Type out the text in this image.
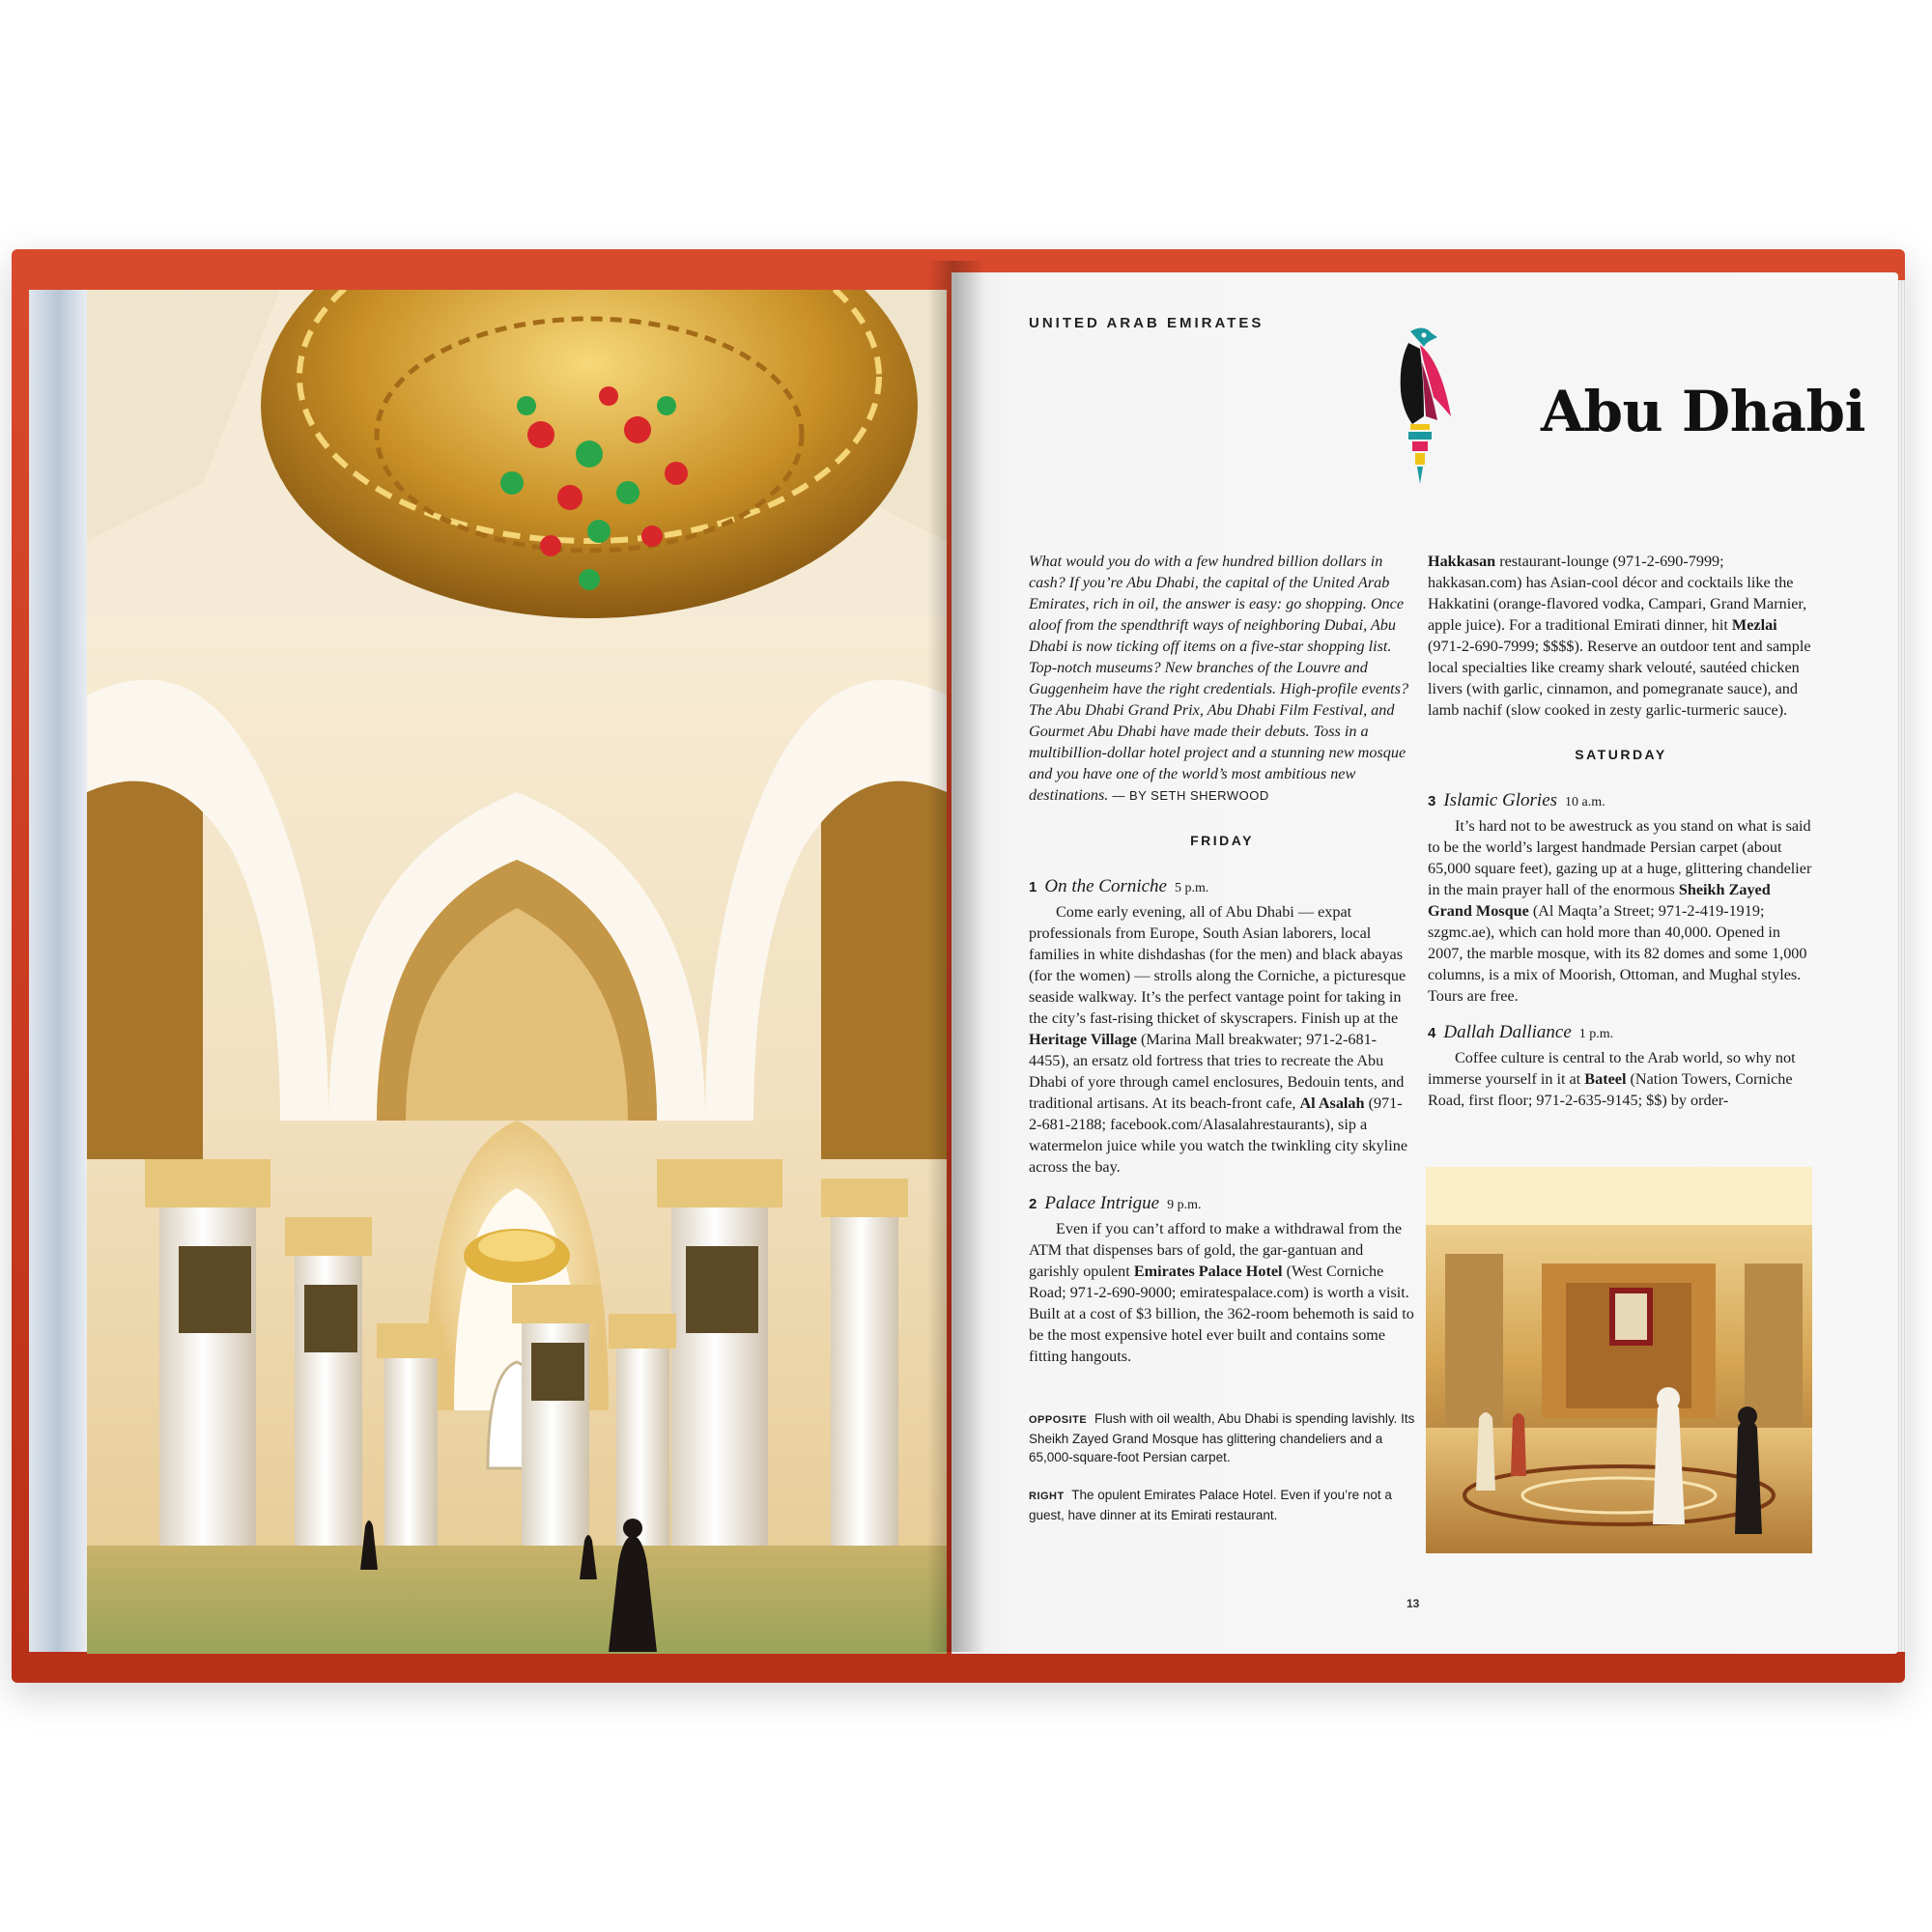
UNITED ARAB EMIRATES
Abu Dhabi

What would you do with a few hundred billion dollars in cash? If you’re Abu Dhabi, the capital of the United Arab Emirates, rich in oil, the answer is easy: go shopping. Once aloof from the spendthrift ways of neighboring Dubai, Abu Dhabi is now ticking off items on a five-star shopping list. Top-notch museums? New branches of the Louvre and Guggenheim have the right credentials. High-profile events? The Abu Dhabi Grand Prix, Abu Dhabi Film Festival, and Gourmet Abu Dhabi have made their debuts. Toss in a multibillion-dollar hotel project and a stunning new mosque and you have one of the world’s most ambitious new destinations. — BY SETH SHERWOOD

FRIDAY

1 On the Corniche 5 p.m.

Come early evening, all of Abu Dhabi — expat professionals from Europe, South Asian laborers, local families in white dishdashas (for the men) and black abayas (for the women) — strolls along the Corniche, a picturesque seaside walkway. It’s the perfect vantage point for taking in the city’s fast-rising thicket of skyscrapers. Finish up at the Heritage Village (Marina Mall breakwater; 971-2-681-4455), an ersatz old fortress that tries to recreate the Abu Dhabi of yore through camel enclosures, Bedouin tents, and traditional artisans. At its beach-front cafe, Al Asalah (971-2-681-2188; facebook.com/Alasalahrestaurants), sip a watermelon juice while you watch the twinkling city skyline across the bay.

2 Palace Intrigue 9 p.m.

Even if you can’t afford to make a withdrawal from the ATM that dispenses bars of gold, the gar-gantuan and garishly opulent Emirates Palace Hotel (West Corniche Road; 971-2-690-9000; emiratespalace.com) is worth a visit. Built at a cost of $3 billion, the 362-room behemoth is said to be the most expensive hotel ever built and contains some fitting hangouts.

OPPOSITE Flush with oil wealth, Abu Dhabi is spending lavishly. Its Sheikh Zayed Grand Mosque has glittering chandeliers and a 65,000-square-foot Persian carpet.

RIGHT The opulent Emirates Palace Hotel. Even if you’re not a guest, have dinner at its Emirati restaurant.

Hakkasan restaurant-lounge (971-2-690-7999; hakkasan.com) has Asian-cool décor and cocktails like the Hakkatini (orange-flavored vodka, Campari, Grand Marnier, apple juice). For a traditional Emirati dinner, hit Mezlai (971-2-690-7999; $$$$). Reserve an outdoor tent and sample local specialties like creamy shark velouté, sautéed chicken livers (with garlic, cinnamon, and pomegranate sauce), and lamb nachif (slow cooked in zesty garlic-turmeric sauce).

SATURDAY

3 Islamic Glories 10 a.m.

It’s hard not to be awestruck as you stand on what is said to be the world’s largest handmade Persian carpet (about 65,000 square feet), gazing up at a huge, glittering chandelier in the main prayer hall of the enormous Sheikh Zayed Grand Mosque (Al Maqta’a Street; 971-2-419-1919; szgmc.ae), which can hold more than 40,000. Opened in 2007, the marble mosque, with its 82 domes and some 1,000 columns, is a mix of Moorish, Ottoman, and Mughal styles. Tours are free.

4 Dallah Dalliance 1 p.m.

Coffee culture is central to the Arab world, so why not immerse yourself in it at Bateel (Nation Towers, Corniche Road, first floor; 971-2-635-9145; $$) by order-

13
